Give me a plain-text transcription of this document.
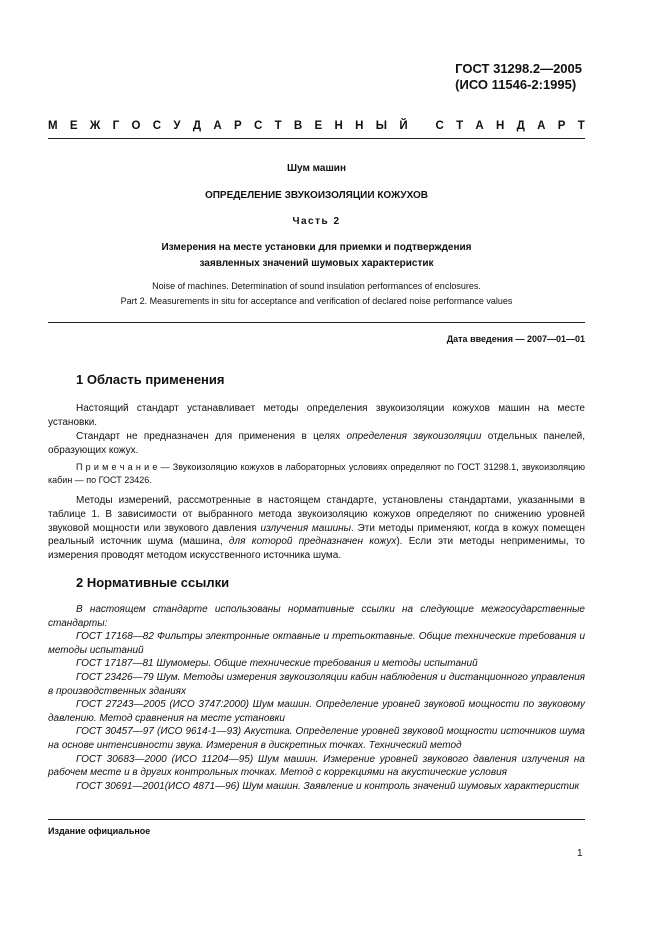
ГОСТ 31298.2—2005
(ИСО 11546-2:1995)
М Е Ж Г О С У Д А Р С Т В Е Н Н Ы Й
С Т А Н Д А Р Т
Шум машин
ОПРЕДЕЛЕНИЕ ЗВУКОИЗОЛЯЦИИ КОЖУХОВ
Часть 2
Измерения на месте установки для приемки и подтверждения
заявленных значений шумовых характеристик
Noise of machines. Determination of sound insulation performances of enclosures.
Part 2. Measurements in situ for acceptance and verification of declared noise performance values
Дата введения — 2007—01—01
1 Область применения
Настоящий стандарт устанавливает методы определения звукоизоляции кожухов машин на месте установки.
Стандарт не предназначен для применения в целях определения звукоизоляции отдельных панелей, образующих кожух.
П р и м е ч а н и е — Звукоизоляцию кожухов в лабораторных условиях определяют по ГОСТ 31298.1, звукоизоляцию кабин — по ГОСТ 23426.
Методы измерений, рассмотренные в настоящем стандарте, установлены стандартами, указанными в таблице 1. В зависимости от выбранного метода звукоизоляцию кожухов определяют по снижению уровней звуковой мощности или звукового давления излучения машины. Эти методы применяют, когда в кожух помещен реальный источник шума (машина, для которой предназначен кожух). Если эти методы неприменимы, то измерения проводят методом искусственного источника шума.
2 Нормативные ссылки
В настоящем стандарте использованы нормативные ссылки на следующие межгосударственные стандарты:
ГОСТ 17168—82 Фильтры электронные октавные и третьоктавные. Общие технические требования и методы испытаний
ГОСТ 17187—81 Шумомеры. Общие технические требования и методы испытаний
ГОСТ 23426—79 Шум. Методы измерения звукоизоляции кабин наблюдения и дистанционного управления в производственных зданиях
ГОСТ 27243—2005 (ИСО 3747:2000) Шум машин. Определение уровней звуковой мощности по звуковому давлению. Метод сравнения на месте установки
ГОСТ 30457—97 (ИСО 9614-1—93) Акустика. Определение уровней звуковой мощности источников шума на основе интенсивности звука. Измерения в дискретных точках. Технический метод
ГОСТ 30683—2000 (ИСО 11204—95) Шум машин. Измерение уровней звукового давления излучения на рабочем месте и в других контрольных точках. Метод с коррекциями на акустические условия
ГОСТ 30691—2001(ИСО 4871—96) Шум машин. Заявление и контроль значений шумовых характеристик
Издание официальное
1
